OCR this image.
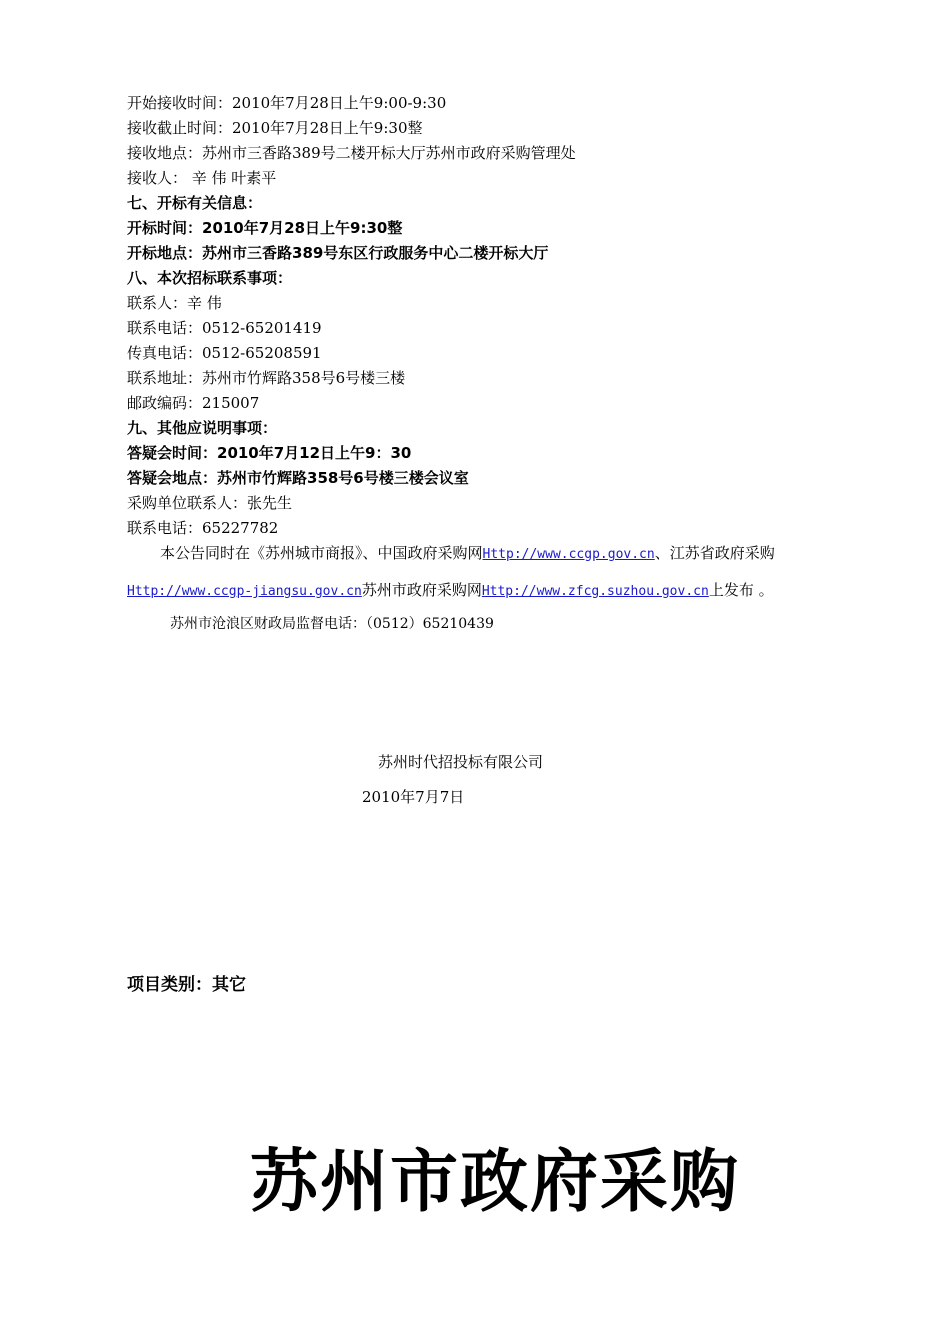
开始接收时间：2010年7月28日上午9:00-9:30
接收截止时间：2010年7月28日上午9:30整
接收地点：苏州市三香路389号二楼开标大厅苏州市政府采购管理处
接收人： 辛 伟 叶素平
七、开标有关信息：
开标时间：2010年7月28日上午9:30整
开标地点：苏州市三香路389号东区行政服务中心二楼开标大厅
八、本次招标联系事项：
联系人：辛 伟
联系电话：0512-65201419
传真电话：0512-65208591
联系地址：苏州市竹辉路358号6号楼三楼
邮政编码：215007
九、其他应说明事项：
答疑会时间：2010年7月12日上午9：30
答疑会地点：苏州市竹辉路358号6号楼三楼会议室
采购单位联系人：张先生
联系电话：65227782
本公告同时在《苏州城市商报》、中国政府采购网Http://www.ccgp.gov.cn、江苏省政府采购
Http://www.ccgp-jiangsu.gov.cn苏州市政府采购网Http://www.zfcg.suzhou.gov.cn上发布 。
苏州市沧浪区财政局监督电话：（0512）65210439
苏州时代招投标有限公司
2010年7月7日
项目类别：其它
苏州市政府采购
